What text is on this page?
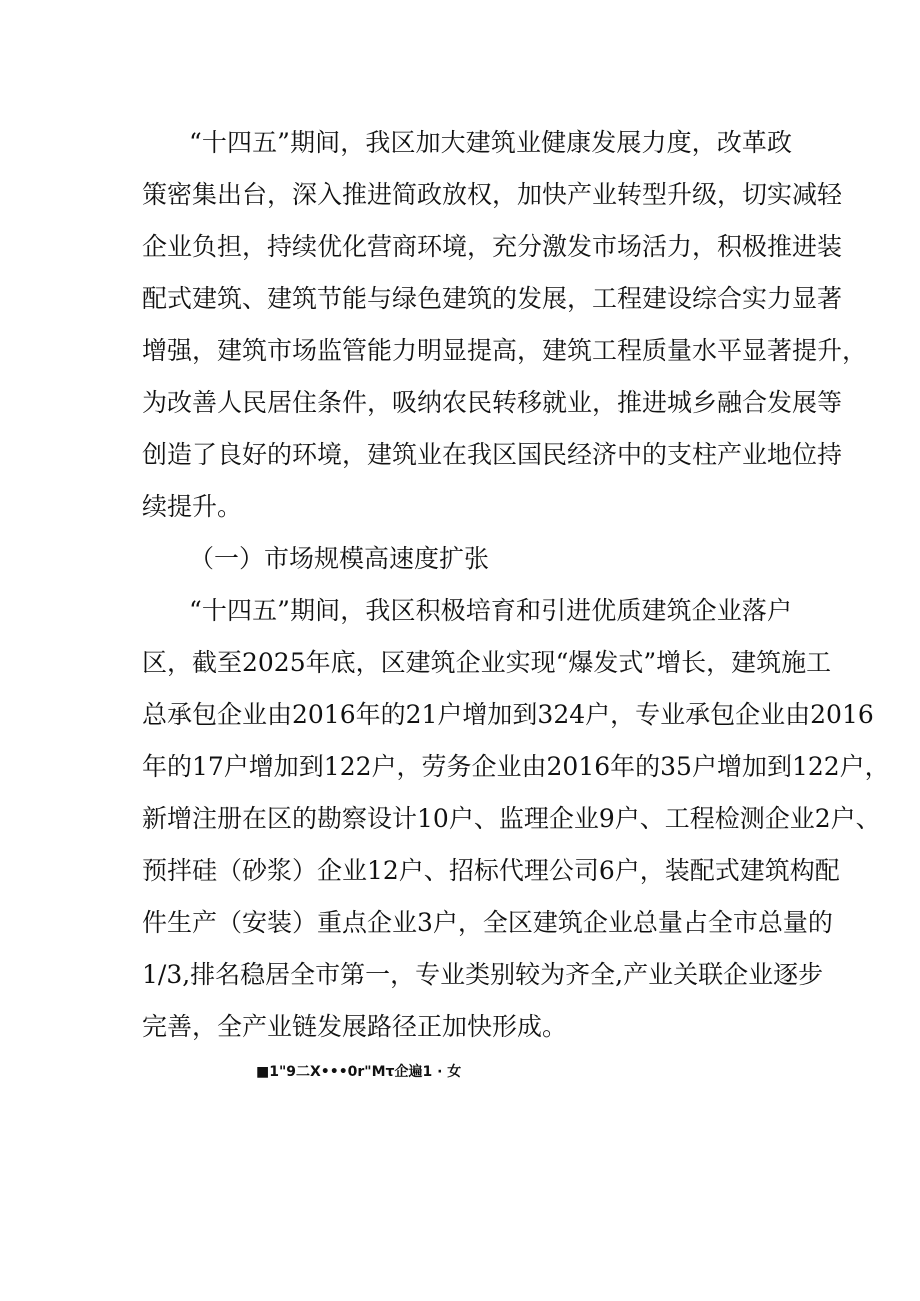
“十四五”期间，我区加大建筑业健康发展力度，改革政
策密集出台，深入推进简政放权，加快产业转型升级，切实减轻
企业负担，持续优化营商环境，充分激发市场活力，积极推进装
配式建筑、建筑节能与绿色建筑的发展，工程建设综合实力显著
增强，建筑市场监管能力明显提高，建筑工程质量水平显著提升，
为改善人民居住条件，吸纳农民转移就业，推进城乡融合发展等
创造了良好的环境，建筑业在我区国民经济中的支柱产业地位持
续提升。
（一）市场规模高速度扩张
“十四五”期间，我区积极培育和引进优质建筑企业落户
区，截至2025年底，区建筑企业实现“爆发式”增长，建筑施工
总承包企业由2016年的21户增加到324户，专业承包企业由2016
年的17户增加到122户，劳务企业由2016年的35户增加到122户，
新增注册在区的勘察设计10户、监理企业9户、工程检测企业2户、
预拌硅（砂浆）企业12户、招标代理公司6户，装配式建筑构配
件生产（安装）重点企业3户，全区建筑企业总量占全市总量的
1/3,排名稳居全市第一，专业类别较为齐全,产业关联企业逐步
完善，全产业链发展路径正加快形成。
■1"9二X•••0r"Mτ企遍1 · 女
